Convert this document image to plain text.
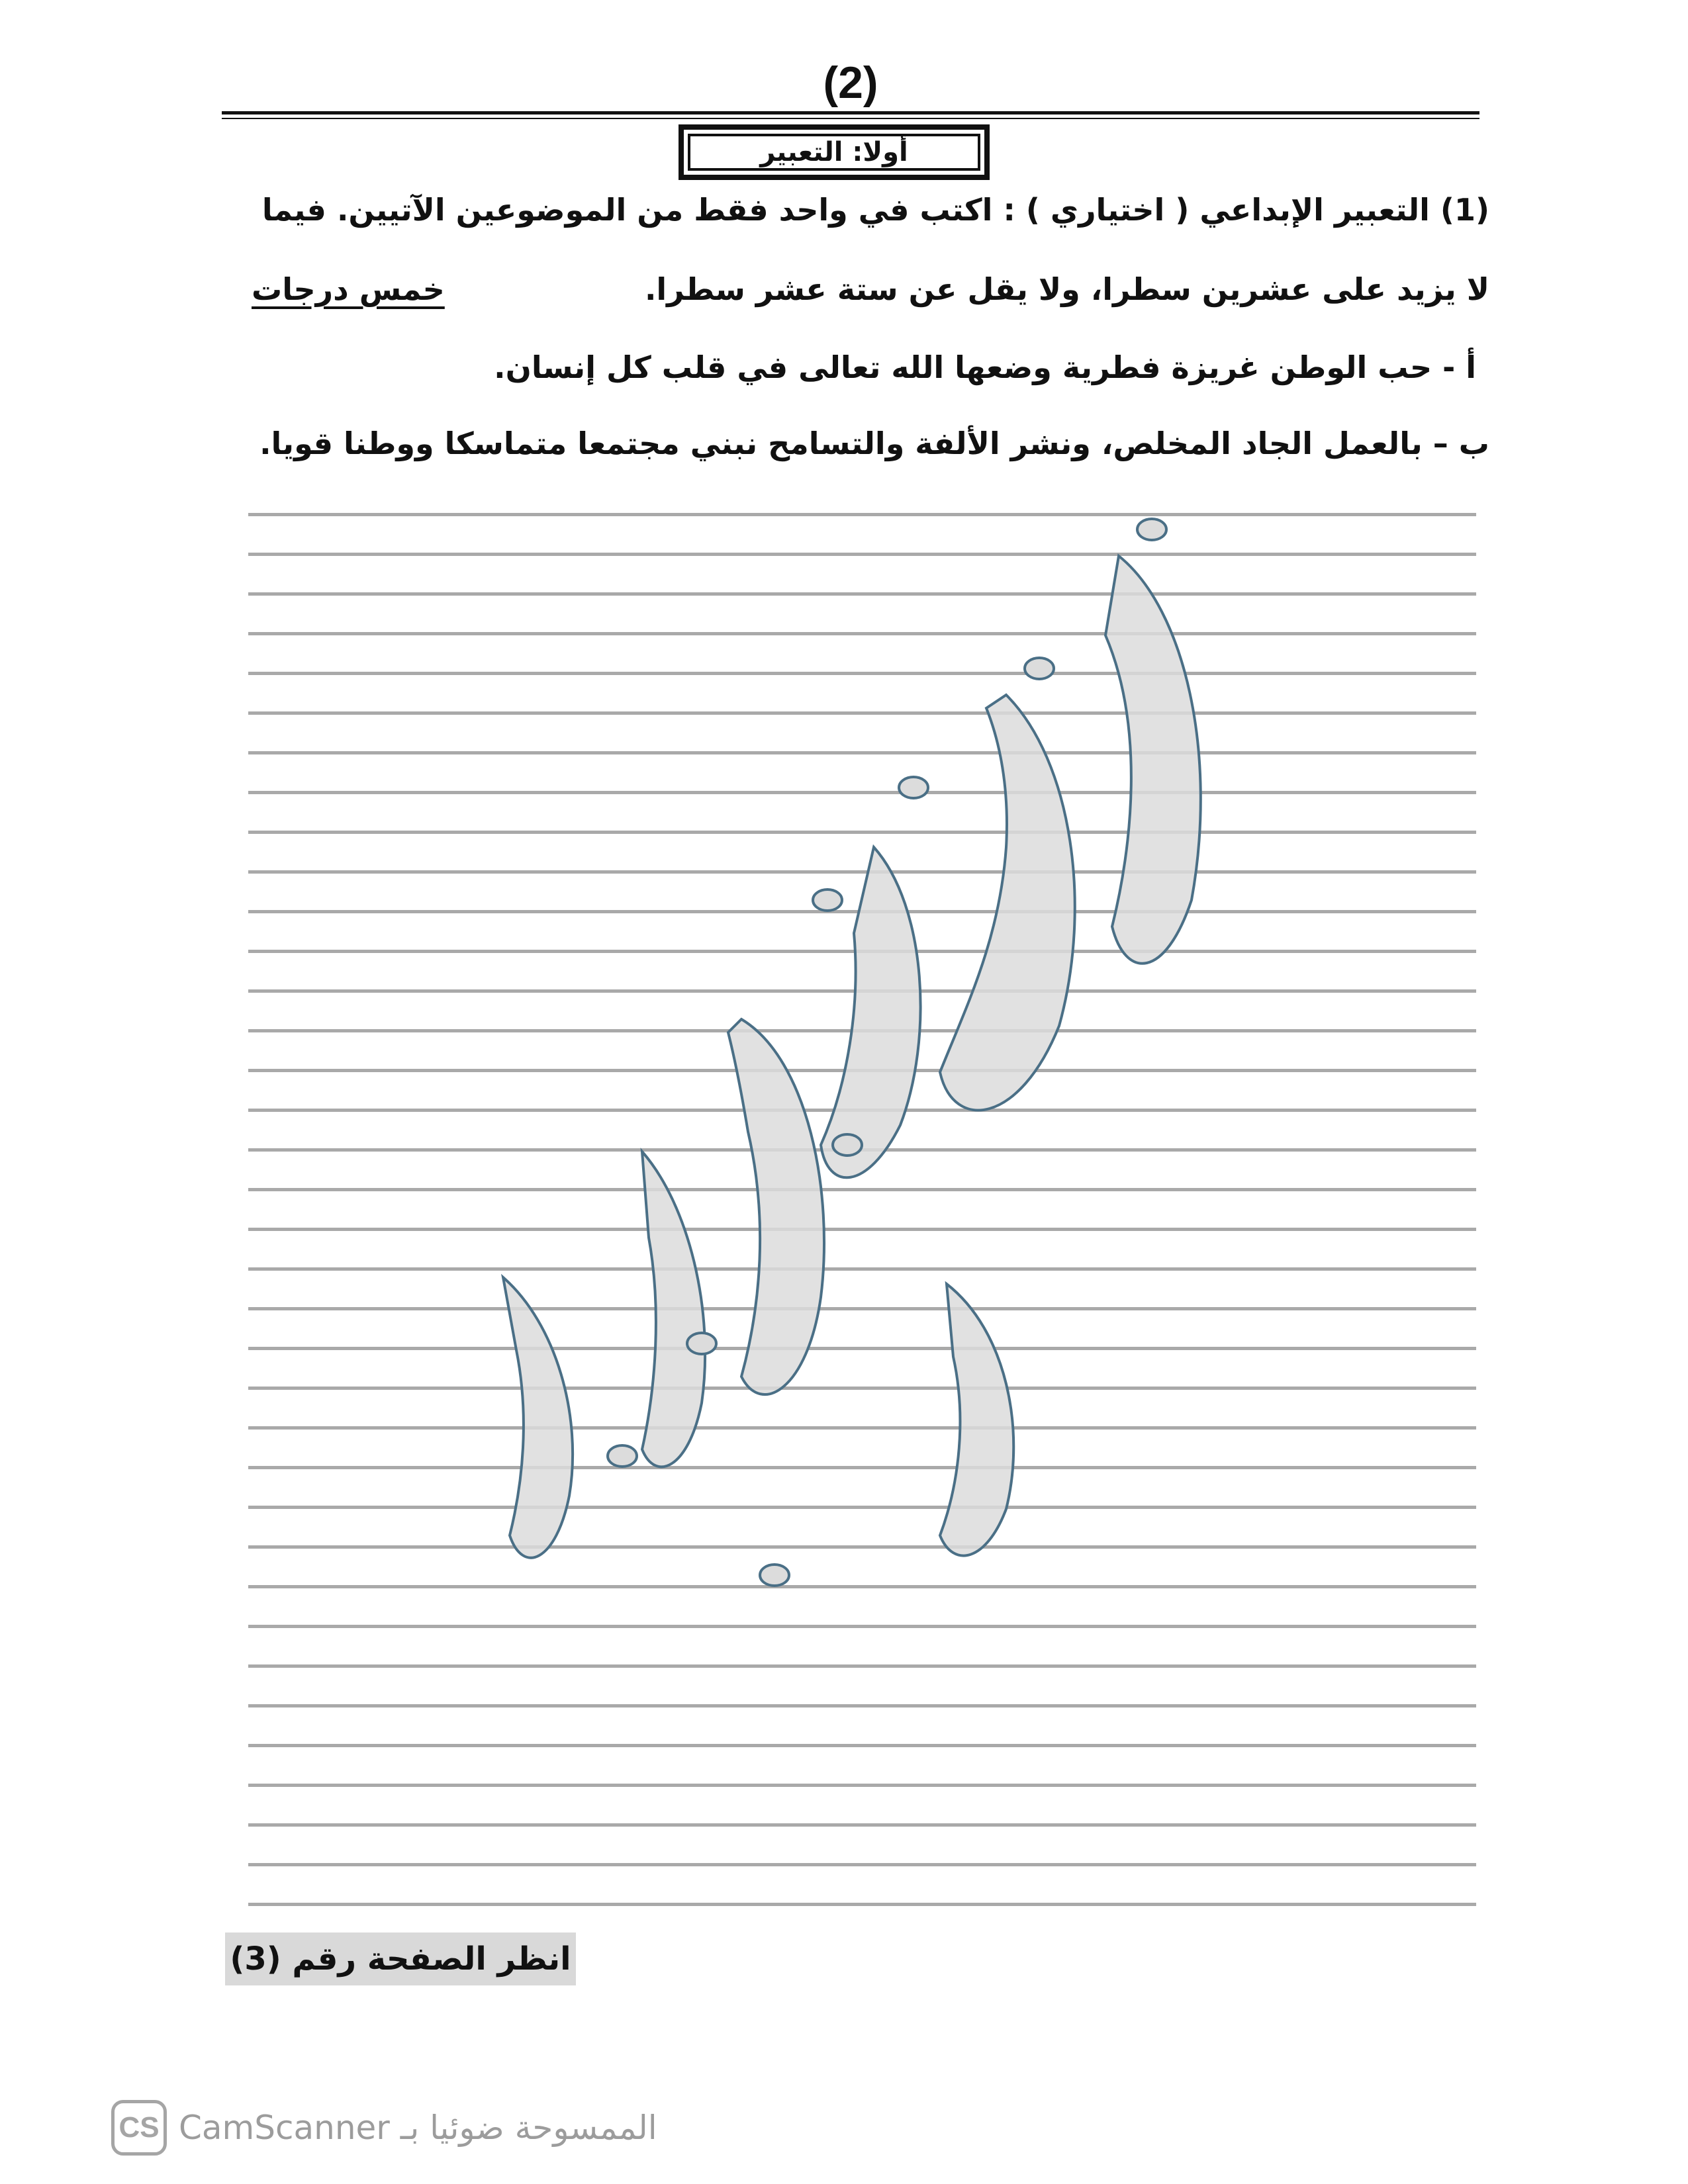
(2)
أولا: التعبير
(1) التعبير الإبداعي ( اختياري ) : اكتب في واحد فقط من الموضوعين الآتيين. فيما
لا يزيد على عشرين سطرا، ولا يقل عن ستة عشر سطرا.
خمس درجات
أ - حب الوطن غريزة فطرية وضعها الله تعالى في قلب كل إنسان.
ب – بالعمل الجاد المخلص، ونشر الألفة والتسامح نبني مجتمعا متماسكا ووطنا قويا.
انظر الصفحة رقم (3)
CS الممسوحة ضوئيا بـ CamScanner
